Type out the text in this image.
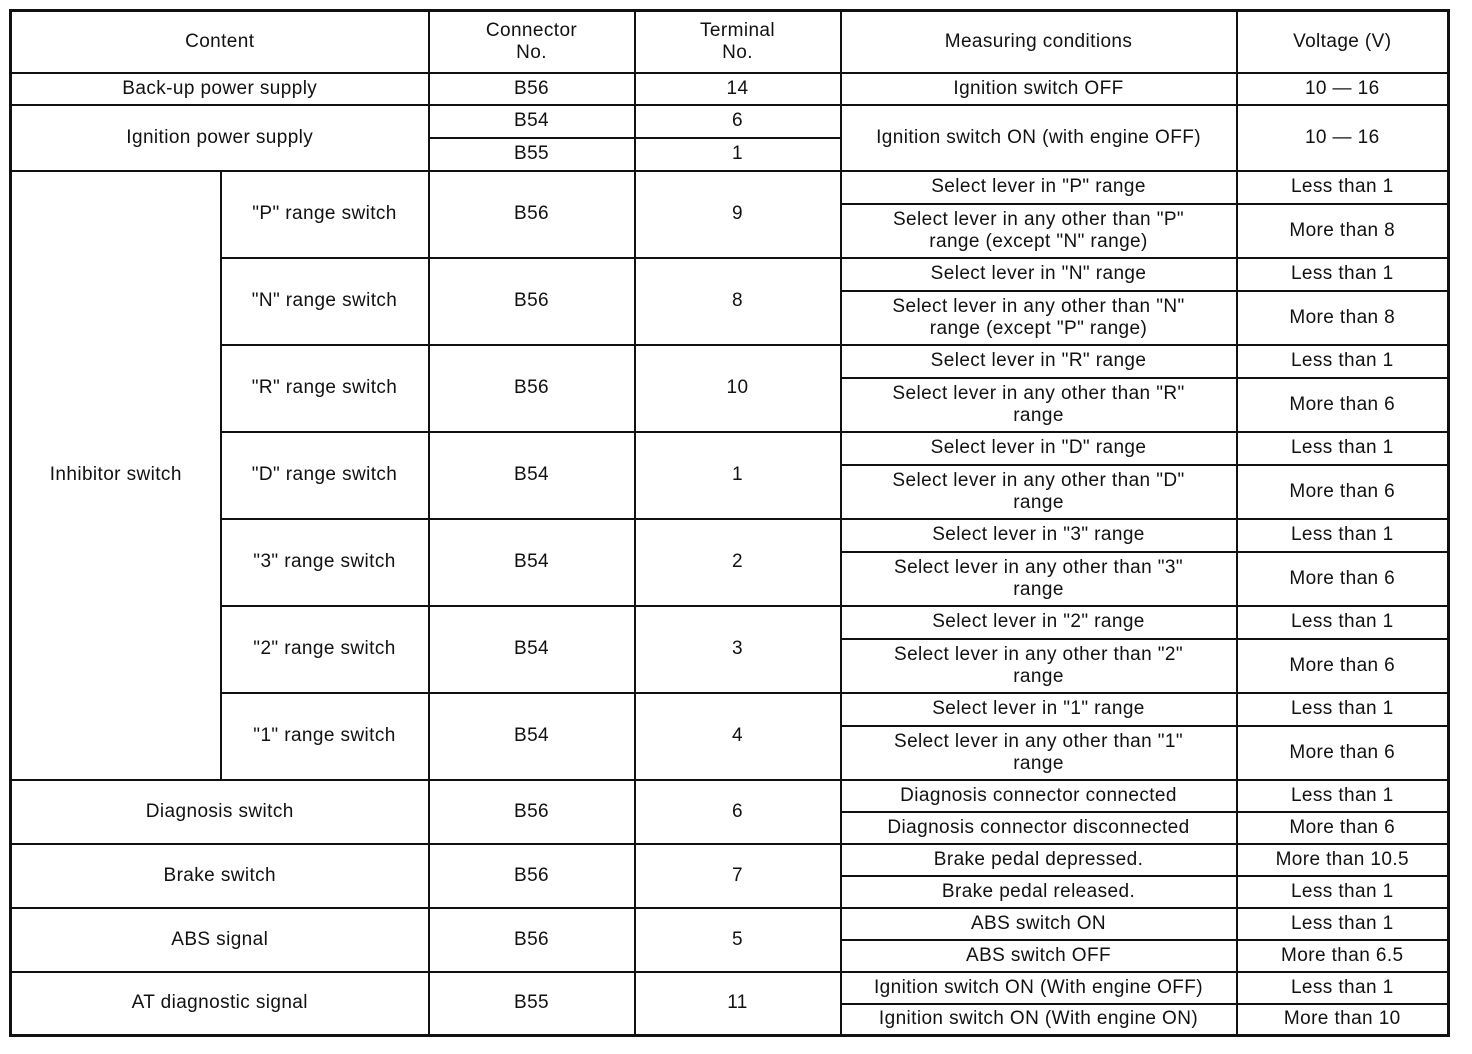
Content		Connector No.	Terminal No.	Measuring conditions	Voltage (V)
Back-up power supply		B56	14	Ignition switch OFF	10 — 16
Ignition power supply		B54	6	Ignition switch ON (with engine OFF)	10 — 16
		B55	1		
Inhibitor switch	"P" range switch	B56	9	Select lever in "P" range	Less than 1
				Select lever in any other than "P" range (except "N" range)	More than 8
	"N" range switch	B56	8	Select lever in "N" range	Less than 1
				Select lever in any other than "N" range (except "P" range)	More than 8
	"R" range switch	B56	10	Select lever in "R" range	Less than 1
				Select lever in any other than "R" range	More than 6
	"D" range switch	B54	1	Select lever in "D" range	Less than 1
				Select lever in any other than "D" range	More than 6
	"3" range switch	B54	2	Select lever in "3" range	Less than 1
				Select lever in any other than "3" range	More than 6
	"2" range switch	B54	3	Select lever in "2" range	Less than 1
				Select lever in any other than "2" range	More than 6
	"1" range switch	B54	4	Select lever in "1" range	Less than 1
				Select lever in any other than "1" range	More than 6
Diagnosis switch		B56	6	Diagnosis connector connected	Less than 1
				Diagnosis connector disconnected	More than 6
Brake switch		B56	7	Brake pedal depressed.	More than 10.5
				Brake pedal released.	Less than 1
ABS signal		B56	5	ABS switch ON	Less than 1
				ABS switch OFF	More than 6.5
AT diagnostic signal		B55	11	Ignition switch ON (With engine OFF)	Less than 1
				Ignition switch ON (With engine ON)	More than 10
